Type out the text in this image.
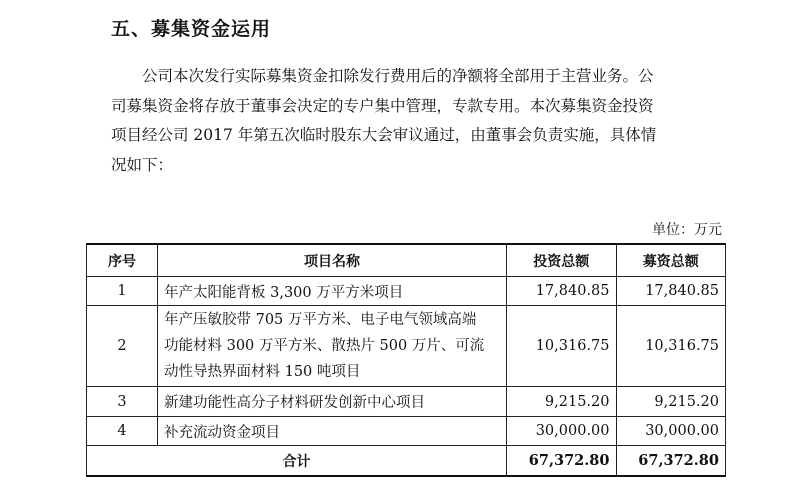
五、募集资金运用
公司本次发行实际募集资金扣除发行费用后的净额将全部用于主营业务。公
司募集资金将存放于董事会决定的专户集中管理，专款专用。本次募集资金投资
项目经公司 2017 年第五次临时股东大会审议通过，由董事会负责实施，具体情
况如下：
单位：万元
序号	项目名称	投资总额	募资总额
1	年产太阳能背板 3,300 万平方米项目	17,840.85	17,840.85
2	年产压敏胶带 705 万平方米、电子电气领域高端
功能材料 300 万平方米、散热片 500 万片、可流
动性导热界面材料 150 吨项目	10,316.75	10,316.75
3	新建功能性高分子材料研发创新中心项目	9,215.20	9,215.20
4	补充流动资金项目	30,000.00	30,000.00
合计		67,372.80	67,372.80
